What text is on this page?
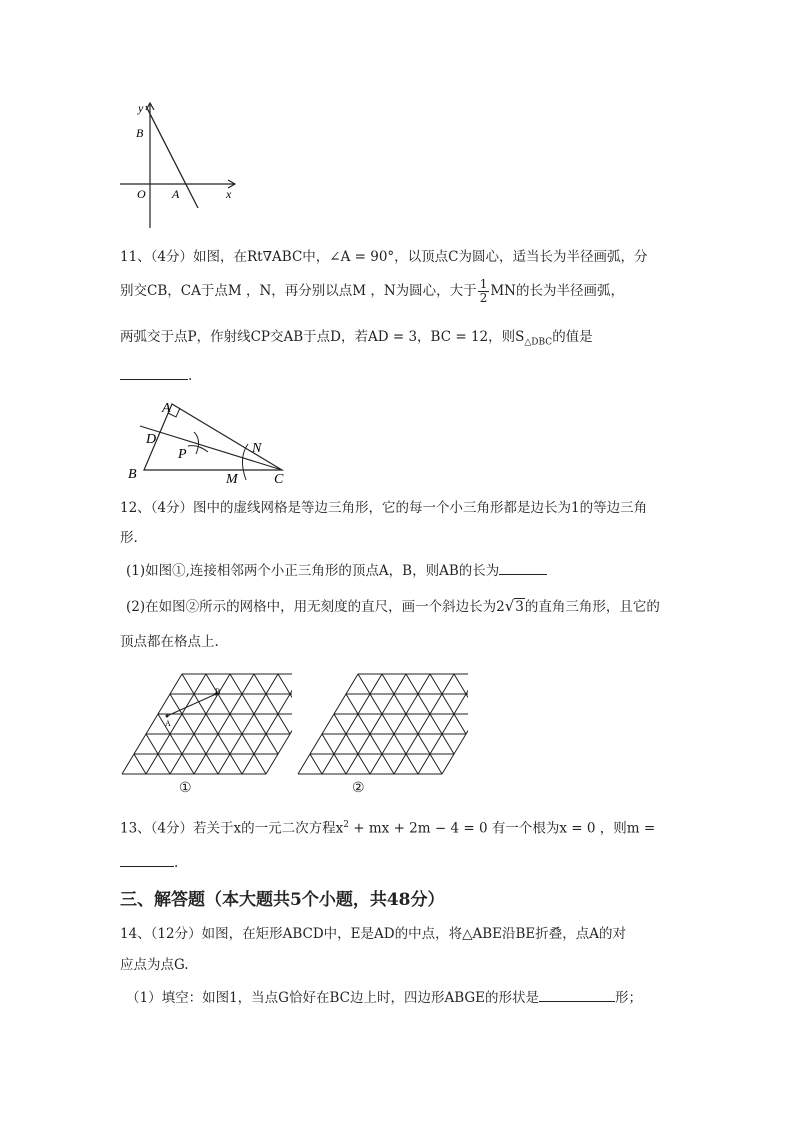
y
x
B
O A
11、（4分）如图，在Rt∇ABC中，∠A = 90°，以顶点C为圆心，适当长为半径画弧，分
别交CB，CA于点M ，N，再分别以点M ，N为圆心，大于 $\frac{1}{2}$ MN的长为半径画弧，
两弧交于点P，作射线CP交AB于点D，若AD = 3，BC = 12，则$S_{\triangle DBC}$的值是
.
A
D
P	N
B	M	C
12、（4分）图中的虚线网格是等边三角形，它的每一个小三角形都是边长为1的等边三角
形.
(1)如图①,连接相邻两个小正三角形的顶点A，B，则AB的长为
(2)在如图②所示的网格中，用无刻度的直尺，画一个斜边长为2√3的直角三角形，且它的
顶点都在格点上.
A
B
①	②
13、（4分）若关于x的一元二次方程$x^2$ + mx + 2m − 4 = 0 有一个根为x = 0 ，则m =
.
三、解答题（本大题共5个小题，共48分）
14、（12分）如图，在矩形ABCD中，E是AD的中点，将△ABE沿BE折叠，点A的对
应点为点G.
（1）填空：如图1，当点G恰好在BC边上时，四边形ABGE的形状是	形；
